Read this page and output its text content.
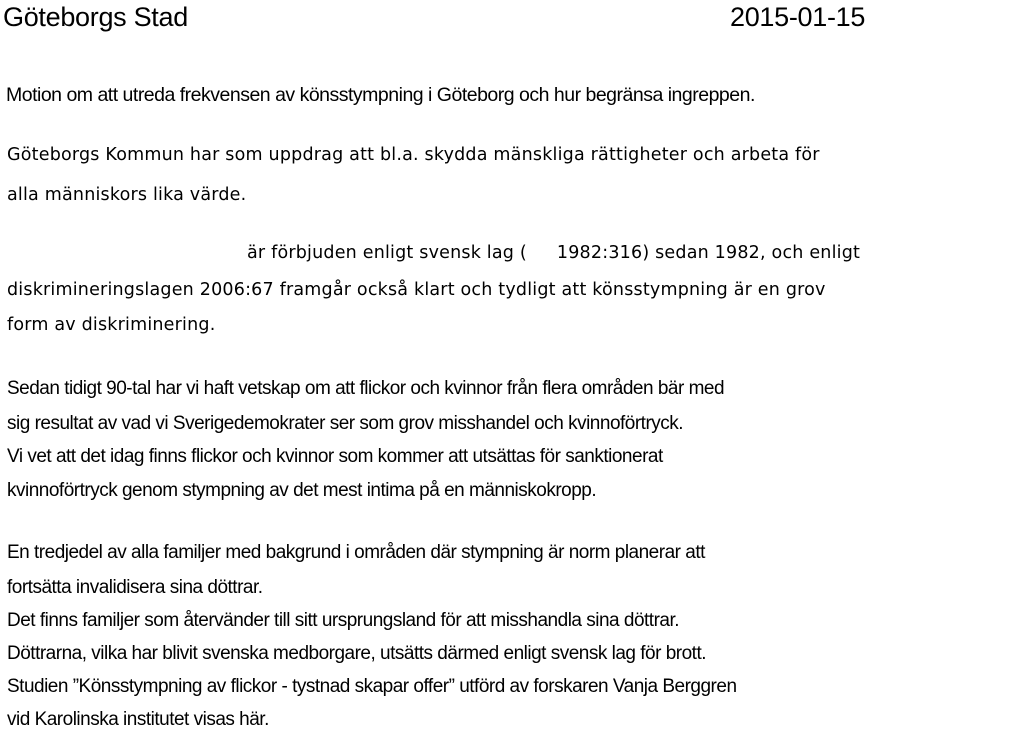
Göteborgs Stad	2015-01-15
Motion om att utreda frekvensen av könsstympning i Göteborg och hur begränsa ingreppen.
Göteborgs Kommun har som uppdrag att bl.a. skydda mänskliga rättigheter och arbeta för
alla människors lika värde.
är förbjuden enligt svensk lag ( 1982:316) sedan 1982, och enligt
diskrimineringslagen 2006:67 framgår också klart och tydligt att könsstympning är en grov
form av diskriminering.
Sedan tidigt 90-tal har vi haft vetskap om att flickor och kvinnor från flera områden bär med
sig resultat av vad vi Sverigedemokrater ser som grov misshandel och kvinnoförtryck.
Vi vet att det idag finns flickor och kvinnor som kommer att utsättas för sanktionerat
kvinnoförtryck genom stympning av det mest intima på en människokropp.
En tredjedel av alla familjer med bakgrund i områden där stympning är norm planerar att
fortsätta invalidisera sina döttrar.
Det finns familjer som återvänder till sitt ursprungsland för att misshandla sina döttrar.
Döttrarna, vilka har blivit svenska medborgare, utsätts därmed enligt svensk lag för brott.
Studien ”Könsstympning av flickor - tystnad skapar offer” utförd av forskaren Vanja Berggren
vid Karolinska institutet visas här.
